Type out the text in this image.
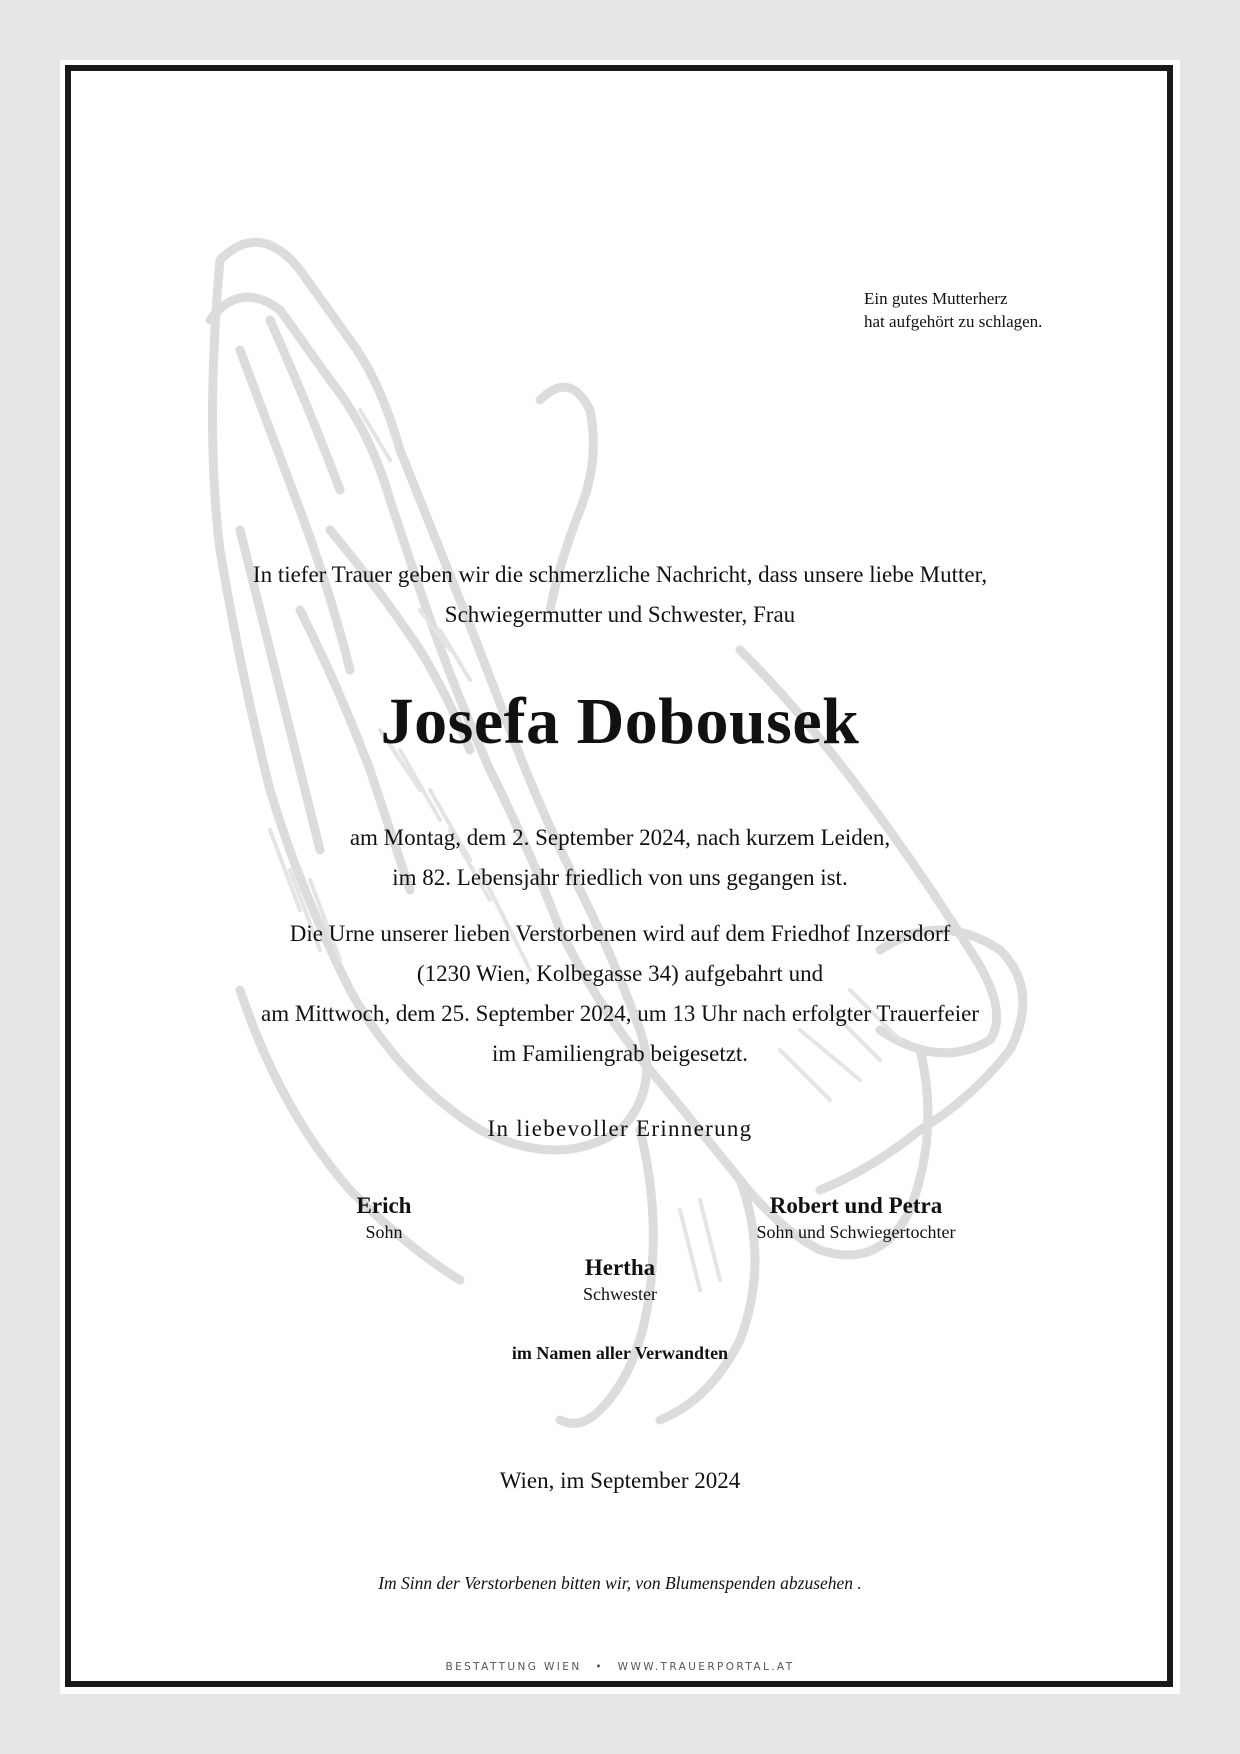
Ein gutes Mutterherz
hat aufgehört zu schlagen.
In tiefer Trauer geben wir die schmerzliche Nachricht, dass unsere liebe Mutter,
Schwiegermutter und Schwester, Frau
Josefa Dobousek
am Montag, dem 2. September 2024, nach kurzem Leiden,
im 82. Lebensjahr friedlich von uns gegangen ist.
Die Urne unserer lieben Verstorbenen wird auf dem Friedhof Inzersdorf
(1230 Wien, Kolbegasse 34) aufgebahrt und
am Mittwoch, dem 25. September 2024, um 13 Uhr nach erfolgter Trauerfeier
im Familiengrab beigesetzt.
In liebevoller Erinnerung
Erich
Sohn
Robert und Petra
Sohn und Schwiegertochter
Hertha
Schwester
im Namen aller Verwandten
Wien, im September 2024
Im Sinn der Verstorbenen bitten wir, von Blumenspenden abzusehen .
BESTATTUNG WIEN • WWW.TRAUERPORTAL.AT
